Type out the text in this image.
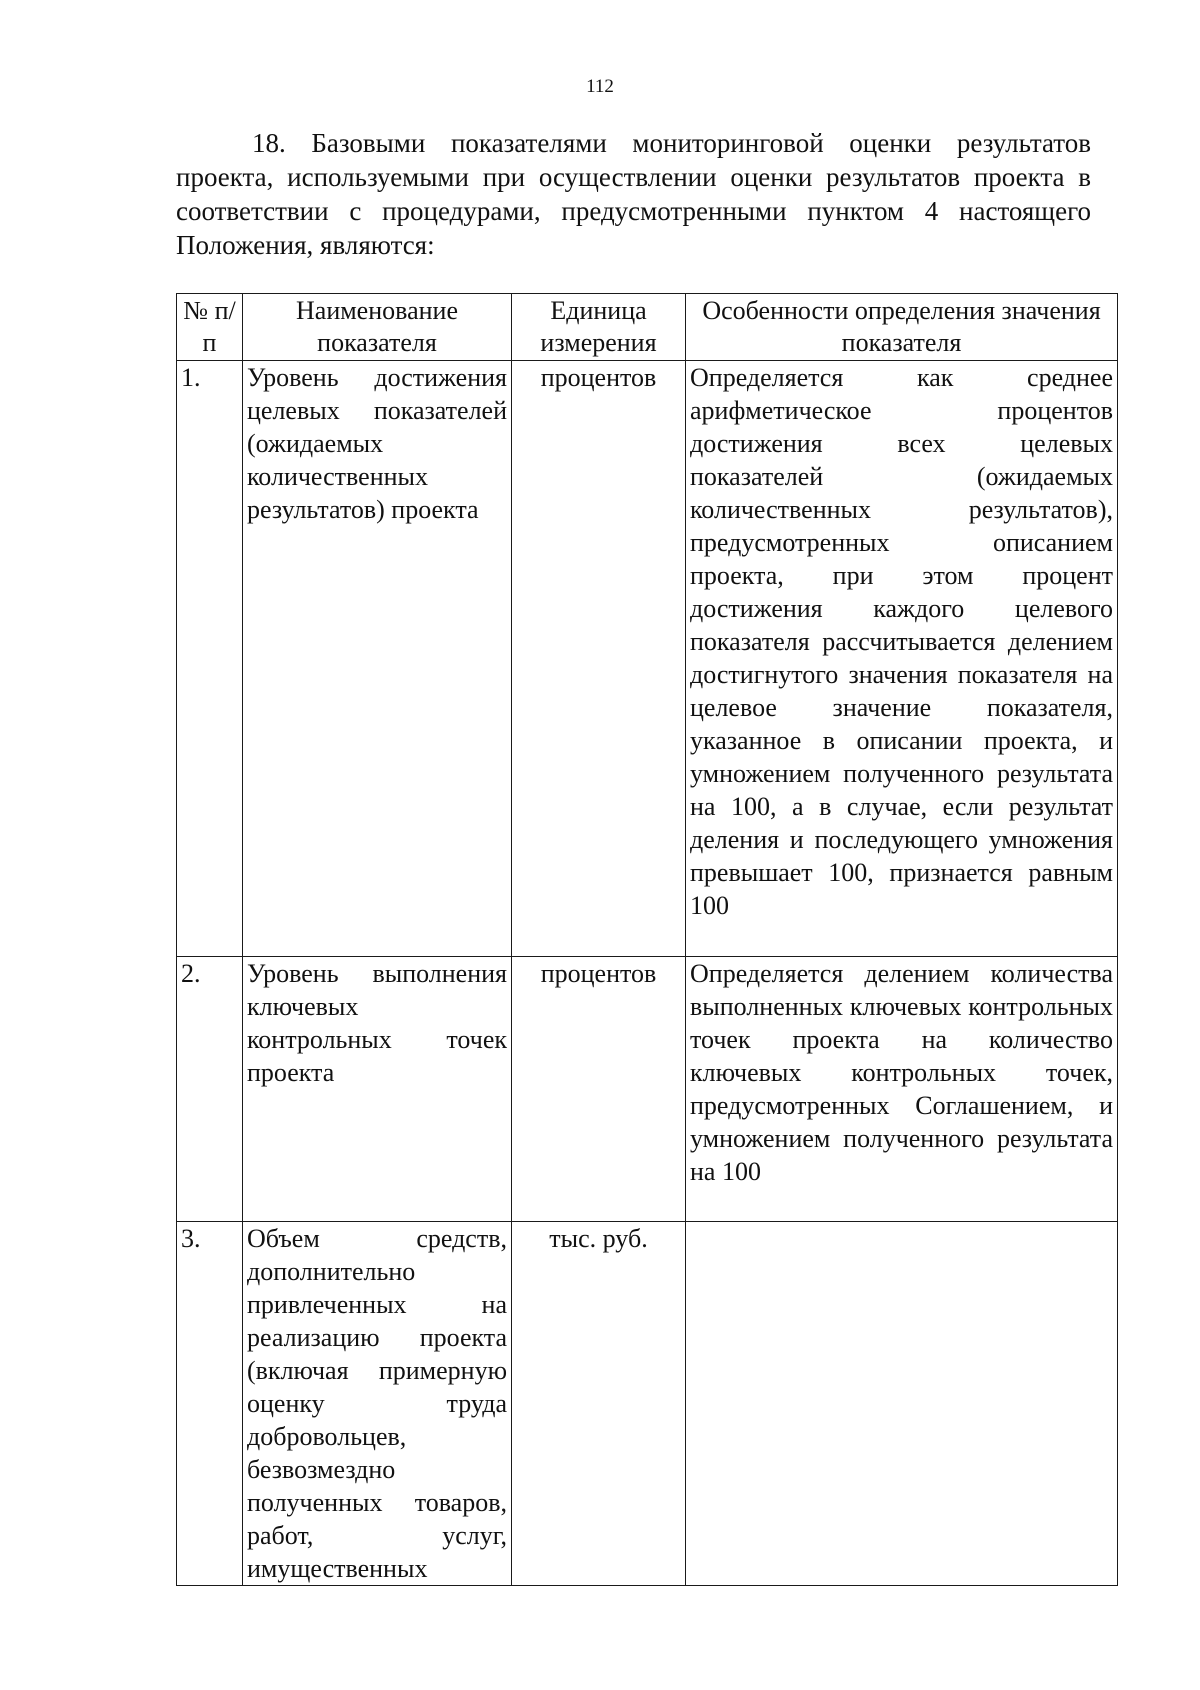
112

18. Базовыми показателями мониторинговой оценки результатов проекта, используемыми при осуществлении оценки результатов проекта в соответствии с процедурами, предусмотренными пунктом 4 настоящего Положения, являются:

№ п/п	Наименование показателя	Единица измерения	Особенности определения значения показателя
1.	Уровень достижения целевых показателей (ожидаемых количественных результатов) проекта	процентов	Определяется как среднее арифметическое процентов достижения всех целевых показателей (ожидаемых количественных результатов), предусмотренных описанием проекта, при этом процент достижения каждого целевого показателя рассчитывается делением достигнутого значения показателя на целевое значение показателя, указанное в описании проекта, и умножением полученного результата на 100, а в случае, если результат деления и последующего умножения превышает 100, признается равным 100
2.	Уровень выполнения ключевых контрольных точек проекта	процентов	Определяется делением количества выполненных ключевых контрольных точек проекта на количество ключевых контрольных точек, предусмотренных Соглашением, и умножением полученного результата на 100
3.	Объем средств, дополнительно привлеченных на реализацию проекта (включая примерную оценку труда добровольцев, безвозмездно полученных товаров, работ, услуг, имущественных	тыс. руб.	
